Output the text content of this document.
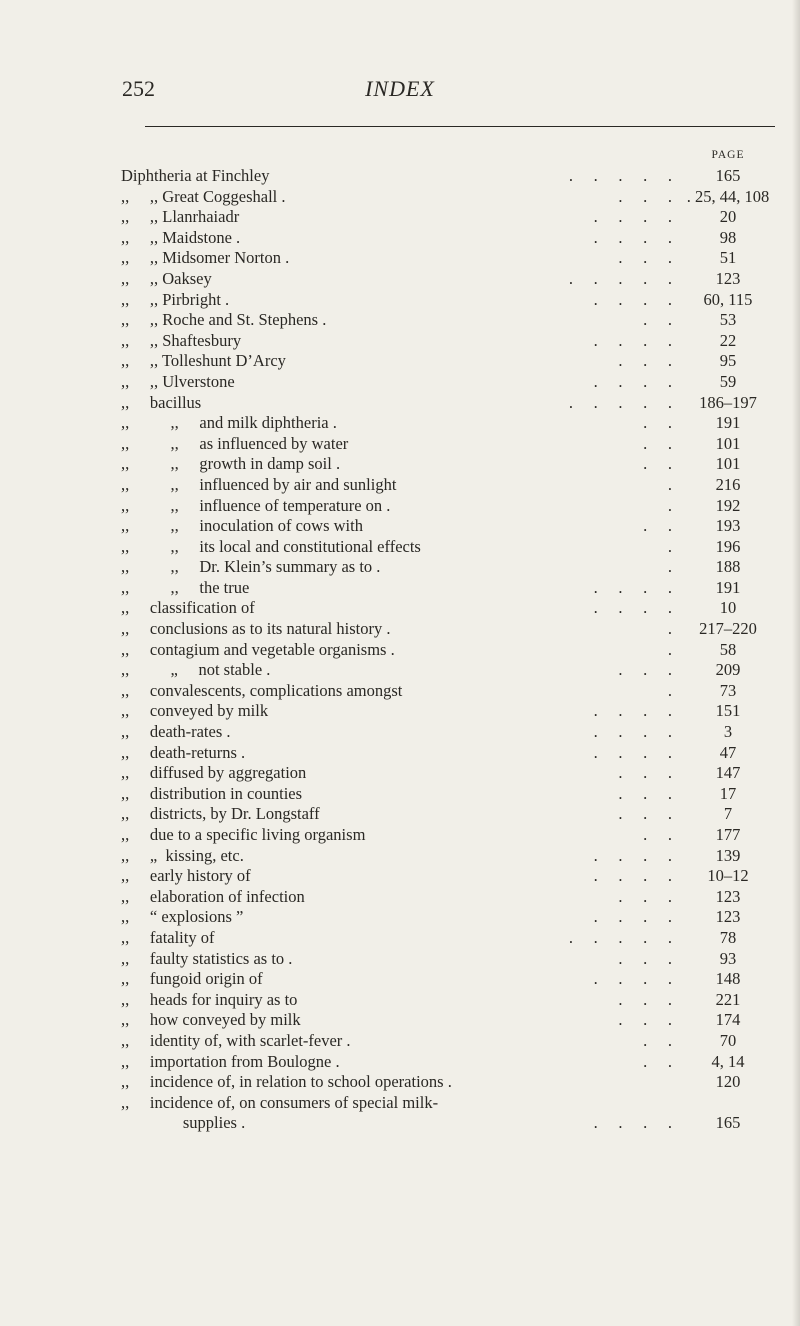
252	INDEX
PAGE
Diphtheria at Finchley	.     .     .     .     .	165
,,     ,, Great Coggeshall .	.     .     . . 25, 44, 108
,,     ,, Llanrhaiadr	.     .     .     .	20
,,     ,, Maidstone .	.     .     .     .	98
,,     ,, Midsomer Norton .	.     .     .	51
,,     ,, Oaksey	.     .     .     .     .	123
,,     ,, Pirbright .	.     .     .     .	60, 115
,,     ,, Roche and St. Stephens .	.     .	53
,,     ,, Shaftesbury	.     .     .     .	22
,,     ,, Tolleshunt D’Arcy	.     .     .	95
,,     ,, Ulverstone	.     .     .     .	59
,,     bacillus	.     .     .     .     .	186–197
,,          ,,     and milk diphtheria .	.     .	191
,,          ,,     as influenced by water	.     .	101
,,          ,,     growth in damp soil .	.     .	101
,,          ,,     influenced by air and sunlight	.	216
,,          ,,     influence of temperature on .	.	192
,,          ,,     inoculation of cows with	.     .	193
,,          ,,     its local and constitutional effects	.	196
,,          ,,     Dr. Klein’s summary as to .	.	188
,,          ,,     the true	.     .     .     .	191
,,     classification of	.     .     .     .	10
,,     conclusions as to its natural history .	.	217–220
,,     contagium and vegetable organisms .	.	58
,,          „     not stable .	.     .     .	209
,,     convalescents, complications amongst	.	73
,,     conveyed by milk	.     .     .     .	151
,,     death-rates .	.     .     .     .	3
,,     death-returns .	.     .     .     .	47
,,     diffused by aggregation	.     .     .	147
,,     distribution in counties	.     .     .	17
,,     districts, by Dr. Longstaff	.     .     .	7
,,     due to a specific living organism	.     .	177
,,     „  kissing, etc.	.     .     .     .	139
,,     early history of	.     .     .     .	10–12
,,     elaboration of infection	.     .     .	123
,,     “ explosions ”	.     .     .     .	123
,,     fatality of	.     .     .     .     .	78
,,     faulty statistics as to .	.     .     .	93
,,     fungoid origin of	.     .     .     .	148
,,     heads for inquiry as to	.     .     .	221
,,     how conveyed by milk	.     .     .	174
,,     identity of, with scarlet-fever .	.     .	70
,,     importation from Boulogne .	.     .	4, 14
,,     incidence of, in relation to school operations .	120
,,     incidence of, on consumers of special milk-
supplies .	.     .     .     .	165
